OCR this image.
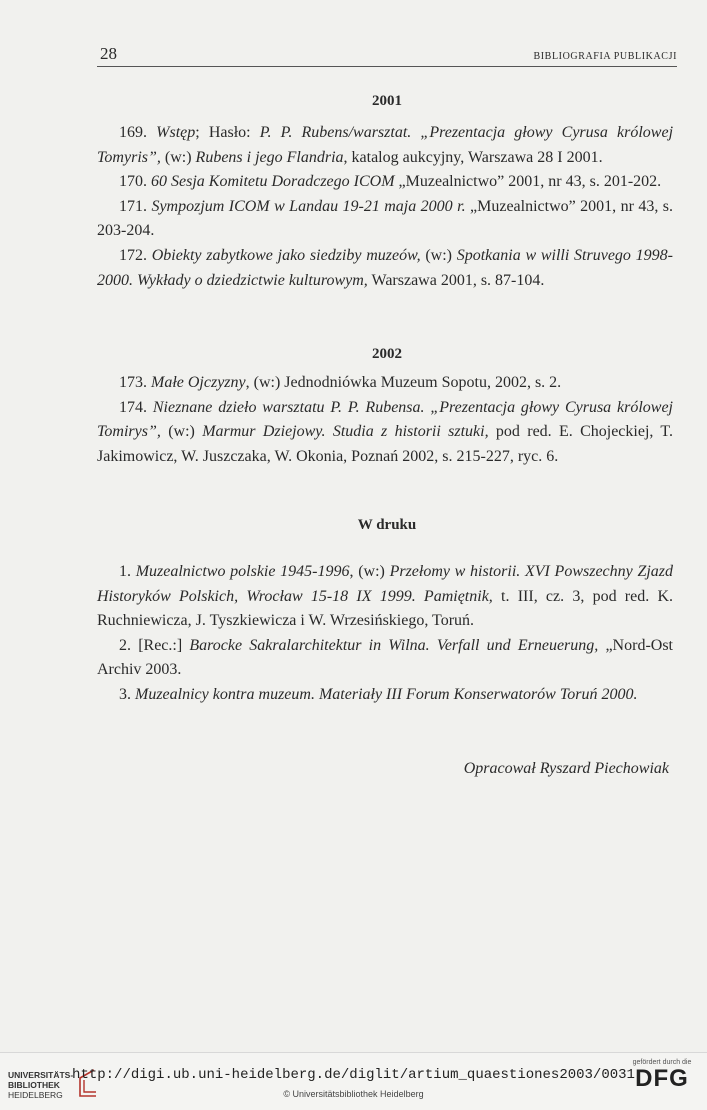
28	BIBLIOGRAFIA PUBLIKACJI
2001

169. Wstęp; Hasło: P. P. Rubens/warsztat. „Prezentacja głowy Cyrusa królowej Tomyris”, (w:) Rubens i jego Flandria, katalog aukcyjny, Warszawa 28 I 2001.

170. 60 Sesja Komitetu Doradczego ICOM „Muzealnictwo” 2001, nr 43, s. 201-202.

171. Sympozjum ICOM w Landau 19-21 maja 2000 r. „Muzealnictwo” 2001, nr 43, s. 203-204.

172. Obiekty zabytkowe jako siedziby muzeów, (w:) Spotkania w willi Struvego 1998-2000. Wykłady o dziedzictwie kulturowym, Warszawa 2001, s. 87-104.

2002

173. Małe Ojczyzny, (w:) Jednodniówka Muzeum Sopotu, 2002, s. 2.

174. Nieznane dzieło warsztatu P. P. Rubensa. „Prezentacja głowy Cyrusa królowej Tomirys”, (w:) Marmur Dziejowy. Studia z historii sztuki, pod red. E. Chojeckiej, T. Jakimowicz, W. Juszczaka, W. Okonia, Poznań 2002, s. 215-227, ryc. 6.

W druku

1. Muzealnictwo polskie 1945-1996, (w:) Przełomy w historii. XVI Powszechny Zjazd Historyków Polskich, Wrocław 15-18 IX 1999. Pamiętnik, t. III, cz. 3, pod red. K. Ruchniewicza, J. Tyszkiewicza i W. Wrzesińskiego, Toruń.

2. [Rec.:] Barocke Sakralarchitektur in Wilna. Verfall und Erneuerung, „Nord-Ost Archiv 2003.

3. Muzealnicy kontra muzeum. Materiały III Forum Konserwatorów Toruń 2000.

Opracował Ryszard Piechowiak
UNIVERSITÄTS-
BIBLIOTHEK
HEIDELBERG
http://digi.ub.uni-heidelberg.de/diglit/artium_quaestiones2003/0031
© Universitätsbibliothek Heidelberg
gefördert durch die
DFG
